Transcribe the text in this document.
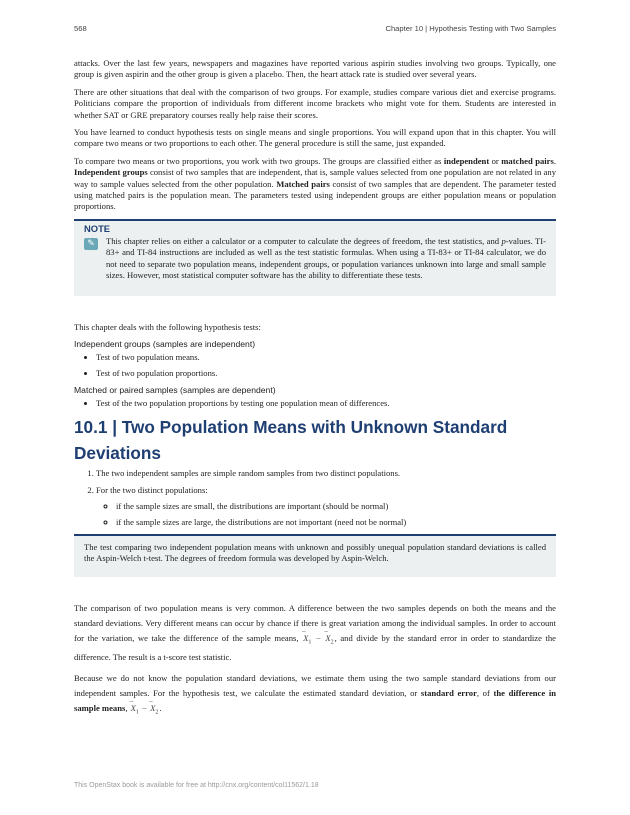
568	Chapter 10 | Hypothesis Testing with Two Samples

attacks. Over the last few years, newspapers and magazines have reported various aspirin studies involving two groups. Typically, one group is given aspirin and the other group is given a placebo. Then, the heart attack rate is studied over several years.

There are other situations that deal with the comparison of two groups. For example, studies compare various diet and exercise programs. Politicians compare the proportion of individuals from different income brackets who might vote for them. Students are interested in whether SAT or GRE preparatory courses really help raise their scores.

You have learned to conduct hypothesis tests on single means and single proportions. You will expand upon that in this chapter. You will compare two means or two proportions to each other. The general procedure is still the same, just expanded.

To compare two means or two proportions, you work with two groups. The groups are classified either as independent or matched pairs. Independent groups consist of two samples that are independent, that is, sample values selected from one population are not related in any way to sample values selected from the other population. Matched pairs consist of two samples that are dependent. The parameter tested using matched pairs is the population mean. The parameters tested using independent groups are either population means or population proportions.

NOTE
✎	This chapter relies on either a calculator or a computer to calculate the degrees of freedom, the test statistics, and p-values. TI-83+ and TI-84 instructions are included as well as the test statistic formulas. When using a TI-83+ or TI-84 calculator, we do not need to separate two population means, independent groups, or population variances unknown into large and small sample sizes. However, most statistical computer software has the ability to differentiate these tests.

This chapter deals with the following hypothesis tests:

Independent groups (samples are independent)
• Test of two population means.
• Test of two population proportions.
Matched or paired samples (samples are dependent)
• Test of the two population proportions by testing one population mean of differences.
10.1 | Two Population Means with Unknown Standard Deviations
1. The two independent samples are simple random samples from two distinct populations.
2. For the two distinct populations:
◦ if the sample sizes are small, the distributions are important (should be normal)
◦ if the sample sizes are large, the distributions are not important (need not be normal)
The test comparing two independent population means with unknown and possibly unequal population standard deviations is called the Aspin-Welch t-test. The degrees of freedom formula was developed by Aspin-Welch.

The comparison of two population means is very common. A difference between the two samples depends on both the means and the standard deviations. Very different means can occur by chance if there is great variation among the individual samples. In order to account for the variation, we take the difference of the sample means, – $X_1$ − – $X_2$, and divide by the standard error in order to standardize the difference. The result is a t-score test statistic.

Because we do not know the population standard deviations, we estimate them using the two sample standard deviations from our independent samples. For the hypothesis test, we calculate the estimated standard deviation, or standard error, of the difference in sample means, – $X_1$ − – $X_2$.

This OpenStax book is available for free at http://cnx.org/content/col11562/1.18
